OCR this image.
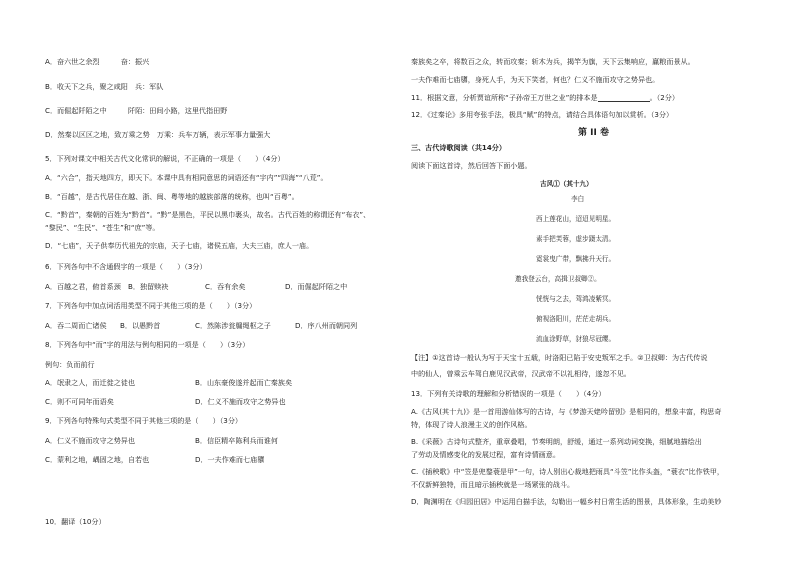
A．奋六世之余烈　　　奋：振兴
B．收天下之兵，聚之咸阳　兵：军队
C．而倔起阡陌之中　　　阡陌：田间小路，这里代指田野
D．然秦以区区之地，致万乘之势　万乘：兵车万辆，表示军事力量强大
5．下列对课文中相关古代文化常识的解说，不正确的一项是（　　）（4分）
A．“六合”，指天地四方，即天下。本课中具有相同意思的词语还有“宇内”“四海”“八荒”。
B．“百越”，是古代居住在越、浙、闽、粤等地的越族部落的统称，也叫“百粤”。
C．“黔首”，秦朝的百姓为“黔首”。“黔”是黑色，平民以黑巾裹头，故名。古代百姓的称谓还有“布衣”、
“黎民”、“生民”、“苍生”和“庶”等。
D．“七庙”，天子供奉历代祖先的宗庙，天子七庙，诸侯五庙，大夫三庙，庶人一庙。
6．下列各句中不含通假字的一项是（　　）（3分）
A．百越之君，俯首系颈 B．独留赎袂	C．吞有余矣	D．而倔起阡陌之中
7．下列各句中加点词活用类型不同于其他三项的是（　　）（3分）
A．吞二周而亡诸侯 B．以愚黔首	C．然陈涉瓮牖绳枢之子	D．序八州而朝同列
8．下列各句中“而”字的用法与例句相同的一项是（　　）（3分）
例句：负而前行
A．氓隶之人，而迁徙之徒也	B．山东豪俊遂并起而亡秦族矣
C．则不可同年而语矣	D．仁义不施而攻守之势异也
9．下列各句特殊句式类型不同于其他三项的是（　　）（3分）
A．仁义不施而攻守之势异也	B．信臣精卒陈利兵而谁何
C．蒙利之地，嵎固之地，自若也	D．一夫作难而七庙隳
10．翻译（10分）
秦族矣之卒，将数百之众，转而攻秦；斩木为兵，揭竿为旗，天下云集响应，赢粮而景从。
一夫作难而七庙隳，身死人手，为天下笑者，何也？仁义不施而攻守之势异也。
11．根据文意，分析贾谊所称“子孙帝王万世之业”的排本是	。（2分）
12．《过秦论》多用夸张手法，极具“赋”的特点，请结合具体语句加以赏析。（3分）
第 II 卷
三、古代诗歌阅读（共14分）
阅读下面这首诗，然后回答下面小题。
古风①（其十九）
李白
西上莲花山，迢迢见明星。
素手把芙蓉，虚步蹑太清。
霓裳曳广带，飘拂升天行。
邀我登云台，高揖卫叔卿②。
恍恍与之去，驾鸿凌紫冥。
俯视洛阳川，茫茫走胡兵。
流血涂野草，豺狼尽冠缨。
【注】①这首诗一般认为写于天宝十五载，时洛阳已陷于安史叛军之手。②卫叔卿：为古代传说
中的仙人，曾乘云车驾白鹿见汉武帝，汉武帝不以礼相待，遂忽不见。
13．下列有关诗歌的理解和分析错误的一项是（　　）（4分）
A.《古风(其十九)》是一首用游仙体写的古诗，与《梦游天姥吟留别》是相同的，想象丰富，构思奇
特，体现了诗人浪漫主义的创作风格。
B.《采薇》古诗句式整齐，重章叠唱，节奏明朗，舒缓，通过一系列动词变换，细腻地描绘出
了劳动及情感变化的发展过程，富有诗情画意。
C.《插秧歌》中“笠是兜鍪蓑是甲”一句，诗人别出心裁地把雨具“斗笠”比作头盔，“蓑衣”比作铁甲，
不仅新鲜独特，而且暗示插秧就是一场紧张的战斗。
D．陶渊明在《归园田居》中运用白描手法，勾勒出一幅乡村日常生活的图景，具体形象，生动美妙
